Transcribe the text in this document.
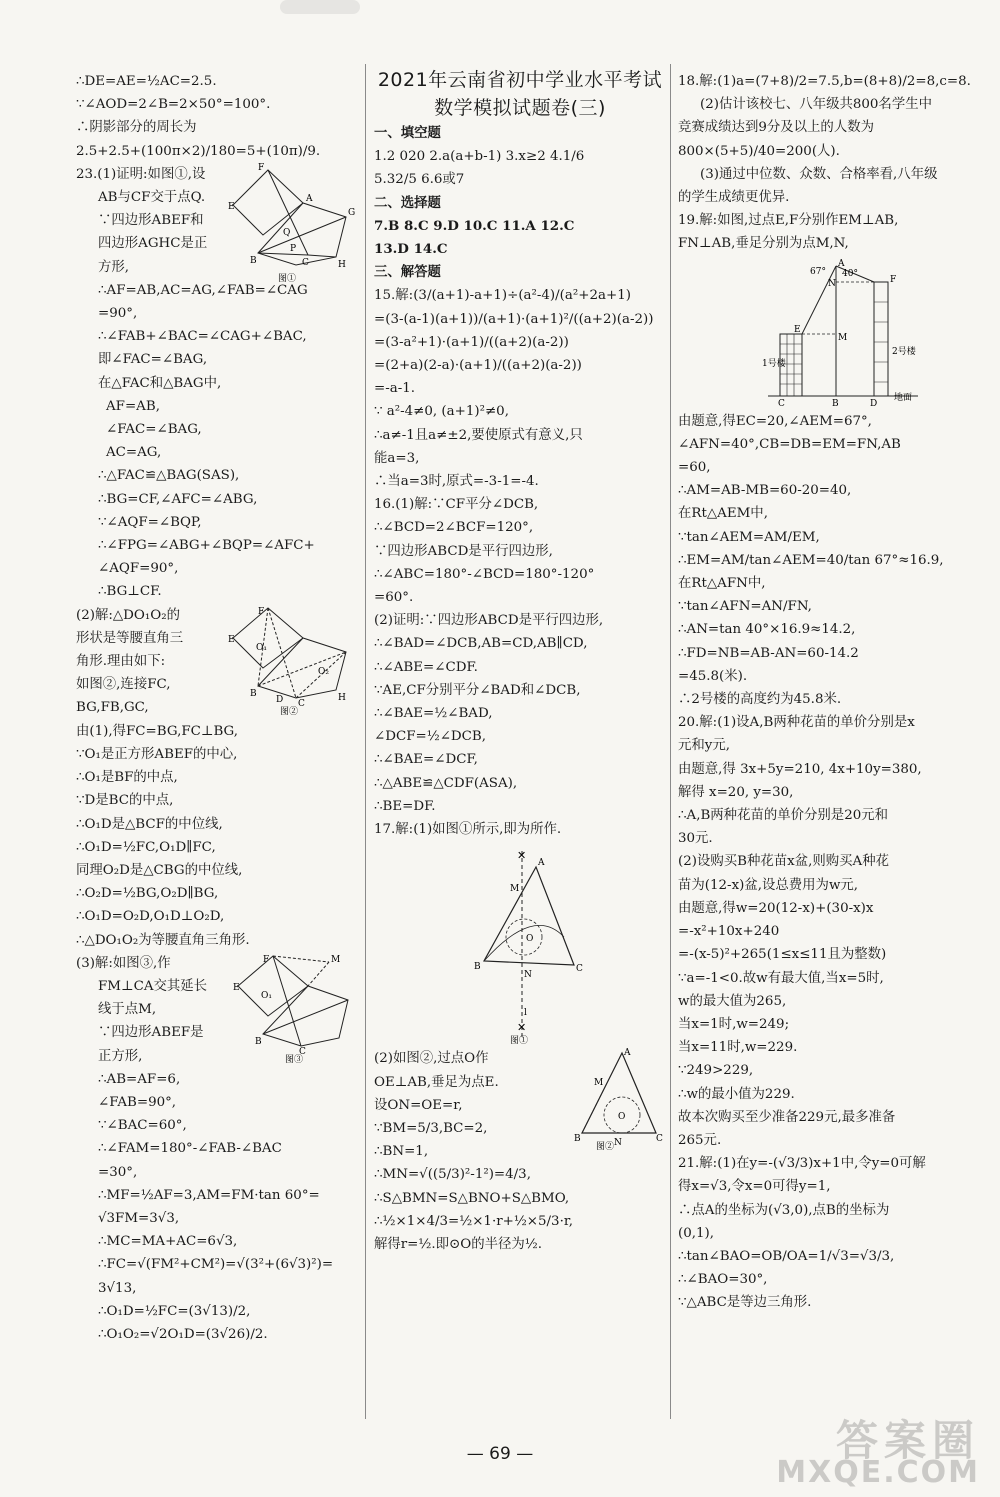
∴DE=AE=½AC=2.5.
∵∠AOD=2∠B=2×50°=100°.
∴阴影部分的周长为
2.5+2.5+(100π×2)/180=5+(10π)/9.
F
E
A
G
H
B	C
Q
P
图①
23.(1)证明:如图①,设
AB与CF交于点Q.
∵四边形ABEF和
四边形AGHC是正
方形,
∴AF=AB,AC=AG,∠FAB=∠CAG
=90°,
∴∠FAB+∠BAC=∠CAG+∠BAC,
即∠FAC=∠BAG,
在△FAC和△BAG中,
AF=AB,
∠FAC=∠BAG,
AC=AG,
∴△FAC≌△BAG(SAS),
∴BG=CF,∠AFC=∠ABG,
∵∠AQF=∠BQP,
∴∠FPG=∠ABG+∠BQP=∠AFC+
∠AQF=90°,
∴BG⊥CF.
F
E
O₁
O₂
H
B
D C
图②
(2)解:△DO₁O₂的
形状是等腰直角三
角形.理由如下:
如图②,连接FC,
BG,FB,GC,
由(1),得FC=BG,FC⊥BG,
∵O₁是正方形ABEF的中心,
∴O₁是BF的中点,
∵D是BC的中点,
∴O₁D是△BCF的中位线,
∴O₁D=½FC,O₁D∥FC,
同理O₂D是△CBG的中位线,
∴O₂D=½BG,O₂D∥BG,
∴O₁D=O₂D,O₁D⊥O₂D,
∴△DO₁O₂为等腰直角三角形.
M
F
E
O₁
B
C
图③
(3)解:如图③,作
FM⊥CA交其延长
线于点M,
∵四边形ABEF是
正方形,
∴AB=AF=6,
∠FAB=90°,
∵∠BAC=60°,
∴∠FAM=180°-∠FAB-∠BAC
=30°,
∴MF=½AF=3,AM=FM·tan 60°=
√3FM=3√3,
∴MC=MA+AC=6√3,
∴FC=√(FM²+CM²)=√(3²+(6√3)²)=
3√13,
∴O₁D=½FC=(3√13)/2,
∴O₁O₂=√2O₁D=(3√26)/2.
2021年云南省初中学业水平考试
数学模拟试题卷(三)
一、填空题
1.2 020 2.a(a+b-1) 3.x≥2 4.1/6
5.32/5 6.6或7
二、选择题
7.B 8.C 9.D 10.C 11.A 12.C
13.D 14.C
三、解答题
15.解:(3/(a+1)-a+1)÷(a²-4)/(a²+2a+1)
=(3-(a-1)(a+1))/(a+1)·(a+1)²/((a+2)(a-2))
=(3-a²+1)·(a+1)/((a+2)(a-2))
=(2+a)(2-a)·(a+1)/((a+2)(a-2))
=-a-1.
∵ a²-4≠0, (a+1)²≠0,
∴a≠-1且a≠±2,要使原式有意义,只
能a=3,
∴当a=3时,原式=-3-1=-4.
16.(1)解:∵CF平分∠DCB,
∴∠BCD=2∠BCF=120°,
∵四边形ABCD是平行四边形,
∴∠ABC=180°-∠BCD=180°-120°
=60°.
(2)证明:∵四边形ABCD是平行四边形,
∴∠BAD=∠DCB,AB=CD,AB∥CD,
∴∠ABE=∠CDF.
∵AE,CF分别平分∠BAD和∠DCB,
∴∠BAE=½∠BAD,
∠DCF=½∠DCB,
∴∠BAE=∠DCF,
∴△ABE≌△CDF(ASA),
∴BE=DF.
17.解:(1)如图①所示,即为所作.
✕
✕
A
B	C
M
O
N
l
图①
A
B	C
M
O
N
图②
(2)如图②,过点O作
OE⊥AB,垂足为点E.
设ON=OE=r,
∵BM=5/3,BC=2,
∴BN=1,
∴MN=√((5/3)²-1²)=4/3,
∴S△BMN=S△BNO+S△BMO,
∴½×1×4/3=½×1·r+½×5/3·r,
解得r=½.即⊙O的半径为½.
18.解:(1)a=(7+8)/2=7.5,b=(8+8)/2=8,c=8.
(2)估计该校七、八年级共800名学生中
竞赛成绩达到9分及以上的人数为
800×(5+5)/40=200(人).
(3)通过中位数、众数、合格率看,八年级
的学生成绩更优异.
19.解:如图,过点E,F分别作EM⊥AB,
FN⊥AB,垂足分别为点M,N,
A
67° 40°
N	F
E
M
1号楼
2号楼
C	B	D
地面
由题意,得EC=20,∠AEM=67°,
∠AFN=40°,CB=DB=EM=FN,AB
=60,
∴AM=AB-MB=60-20=40,
在Rt△AEM中,
∵tan∠AEM=AM/EM,
∴EM=AM/tan∠AEM=40/tan 67°≈16.9,
在Rt△AFN中,
∵tan∠AFN=AN/FN,
∴AN=tan 40°×16.9≈14.2,
∴FD=NB=AB-AN=60-14.2
=45.8(米).
∴2号楼的高度约为45.8米.
20.解:(1)设A,B两种花苗的单价分别是x
元和y元,
由题意,得 3x+5y=210, 4x+10y=380,
解得 x=20, y=30,
∴A,B两种花苗的单价分别是20元和
30元.
(2)设购买B种花苗x盆,则购买A种花
苗为(12-x)盆,设总费用为w元,
由题意,得w=20(12-x)+(30-x)x
=-x²+10x+240
=-(x-5)²+265(1≤x≤11且为整数)
∵a=-1<0.故w有最大值,当x=5时,
w的最大值为265,
当x=1时,w=249;
当x=11时,w=229.
∵249>229,
∴w的最小值为229.
故本次购买至少准备229元,最多准备
265元.
21.解:(1)在y=-(√3/3)x+1中,令y=0可解
得x=√3,令x=0可得y=1,
∴点A的坐标为(√3,0),点B的坐标为
(0,1),
∴tan∠BAO=OB/OA=1/√3=√3/3,
∴∠BAO=30°,
∵△ABC是等边三角形.
— 69 —	答案圈
MXQE.COM
